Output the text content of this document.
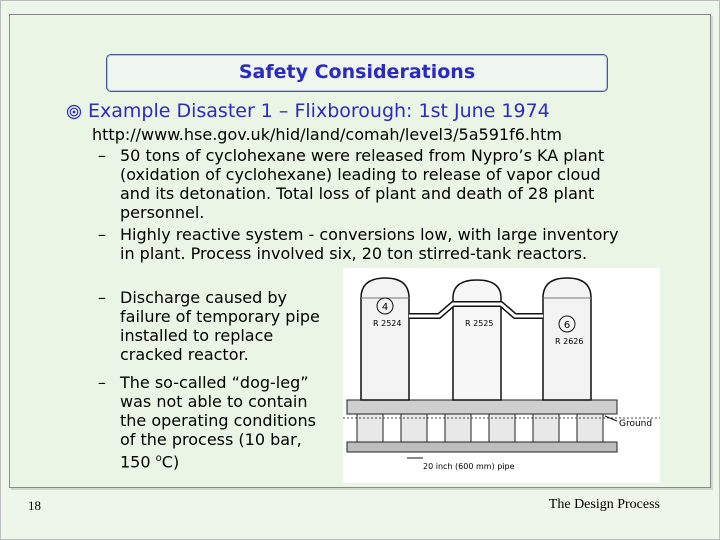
Safety Considerations
Example Disaster 1 – Flixborough: 1st June 1974
http://www.hse.gov.uk/hid/land/comah/level3/5a591f6.htm
– 50 tons of cyclohexane were released from Nypro’s KA plant
(oxidation of cyclohexane) leading to release of vapor cloud
and its detonation. Total loss of plant and death of 28 plant
personnel.
– Highly reactive system - conversions low, with large inventory
in plant. Process involved six, 20 ton stirred-tank reactors.
– Discharge caused by
failure of temporary pipe
installed to replace
cracked reactor.
– The so-called “dog-leg”
was not able to contain
the operating conditions
of the process (10 bar,
150 $^o$C)
4
R 2524	6
R 2626
R 2525
Ground
20 inch (600 mm) pipe
18	The Design Process
